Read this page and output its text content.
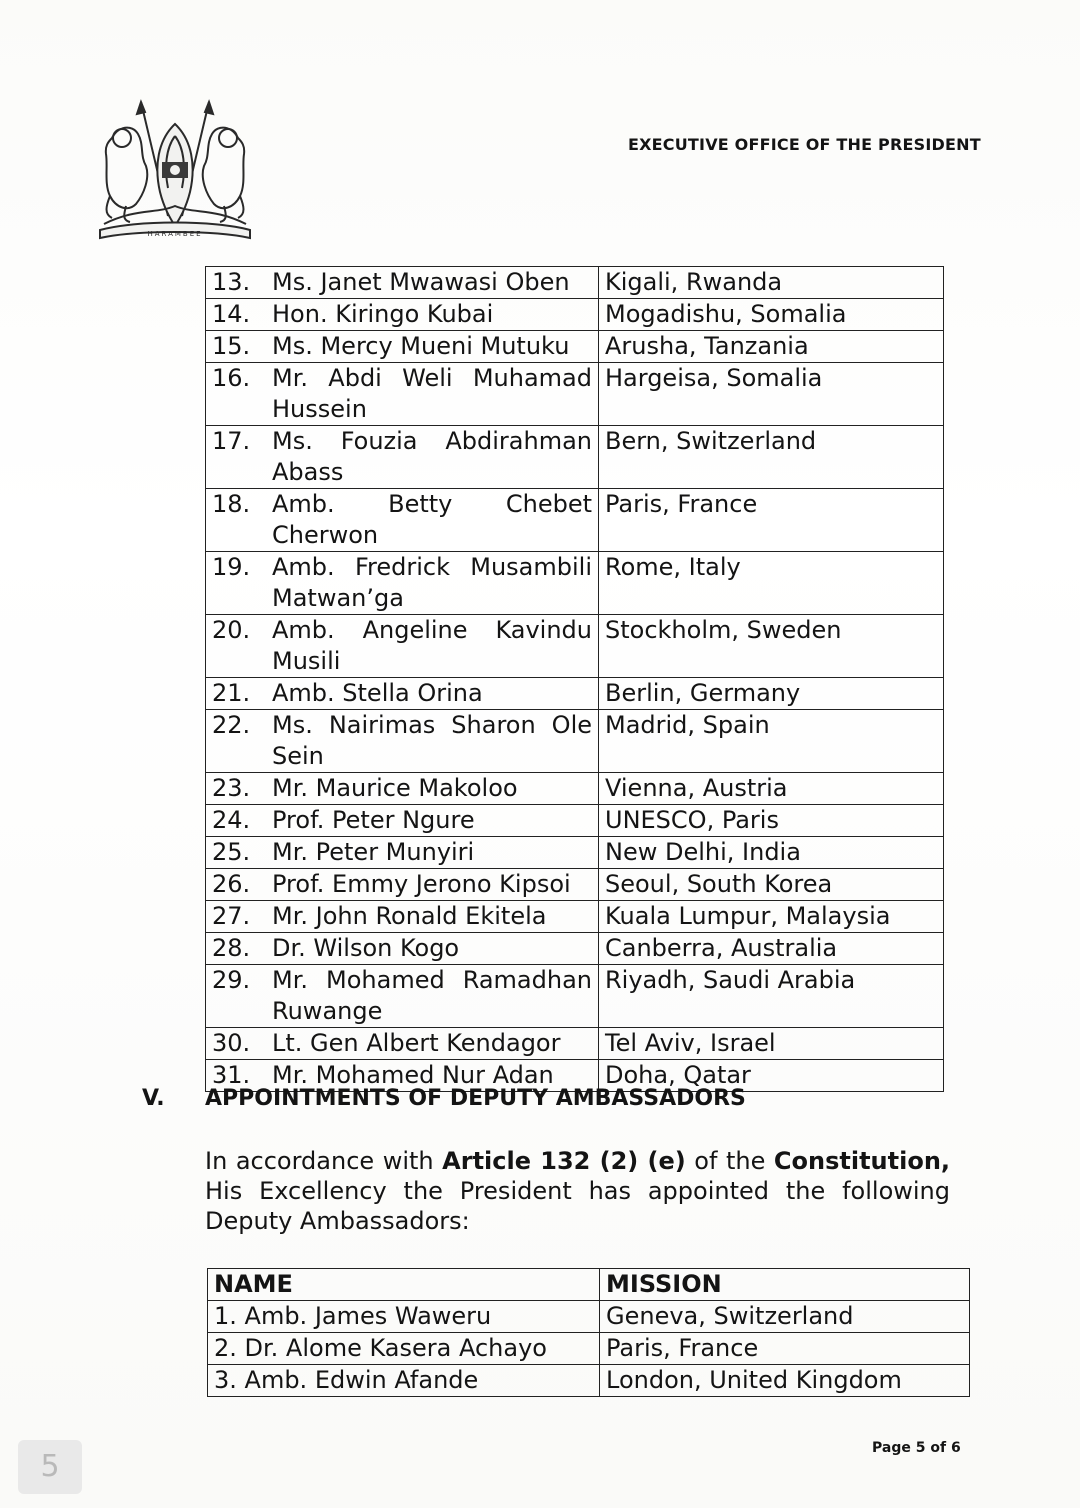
HARAMBEE
EXECUTIVE OFFICE OF THE PRESIDENT
13. Ms. Janet Mwawasi Oben	Kigali, Rwanda

14. Hon. Kiringo Kubai	Mogadishu, Somalia

15. Ms. Mercy Mueni Mutuku	Arusha, Tanzania

16. Mr. Abdi Weli Muhamad Hussein	Hargeisa, Somalia

17. Ms. Fouzia Abdirahman Abass	Bern, Switzerland

18. Amb. Betty Chebet Cherwon	Paris, France

19. Amb. Fredrick Musambili Matwan’ga	Rome, Italy

20. Amb. Angeline Kavindu Musili	Stockholm, Sweden

21. Amb. Stella Orina	Berlin, Germany

22. Ms. Nairimas Sharon Ole Sein	Madrid, Spain

23. Mr. Maurice Makoloo	Vienna, Austria

24. Prof. Peter Ngure	UNESCO, Paris

25. Mr. Peter Munyiri	New Delhi, India

26. Prof. Emmy Jerono Kipsoi	Seoul, South Korea

27. Mr. John Ronald Ekitela	Kuala Lumpur, Malaysia

28. Dr. Wilson Kogo	Canberra, Australia

29. Mr. Mohamed Ramadhan Ruwange	Riyadh, Saudi Arabia

30. Lt. Gen Albert Kendagor	Tel Aviv, Israel

31. Mr. Mohamed Nur Adan	Doha, Qatar
V. APPOINTMENTS OF DEPUTY AMBASSADORS
In accordance with Article 132 (2) (e) of the Constitution, His Excellency the President has appointed the following Deputy Ambassadors:
NAME	MISSION
1. Amb. James Waweru	Geneva, Switzerland
2. Dr. Alome Kasera Achayo	Paris, France
3. Amb. Edwin Afande	London, United Kingdom
5
Page 5 of 6
